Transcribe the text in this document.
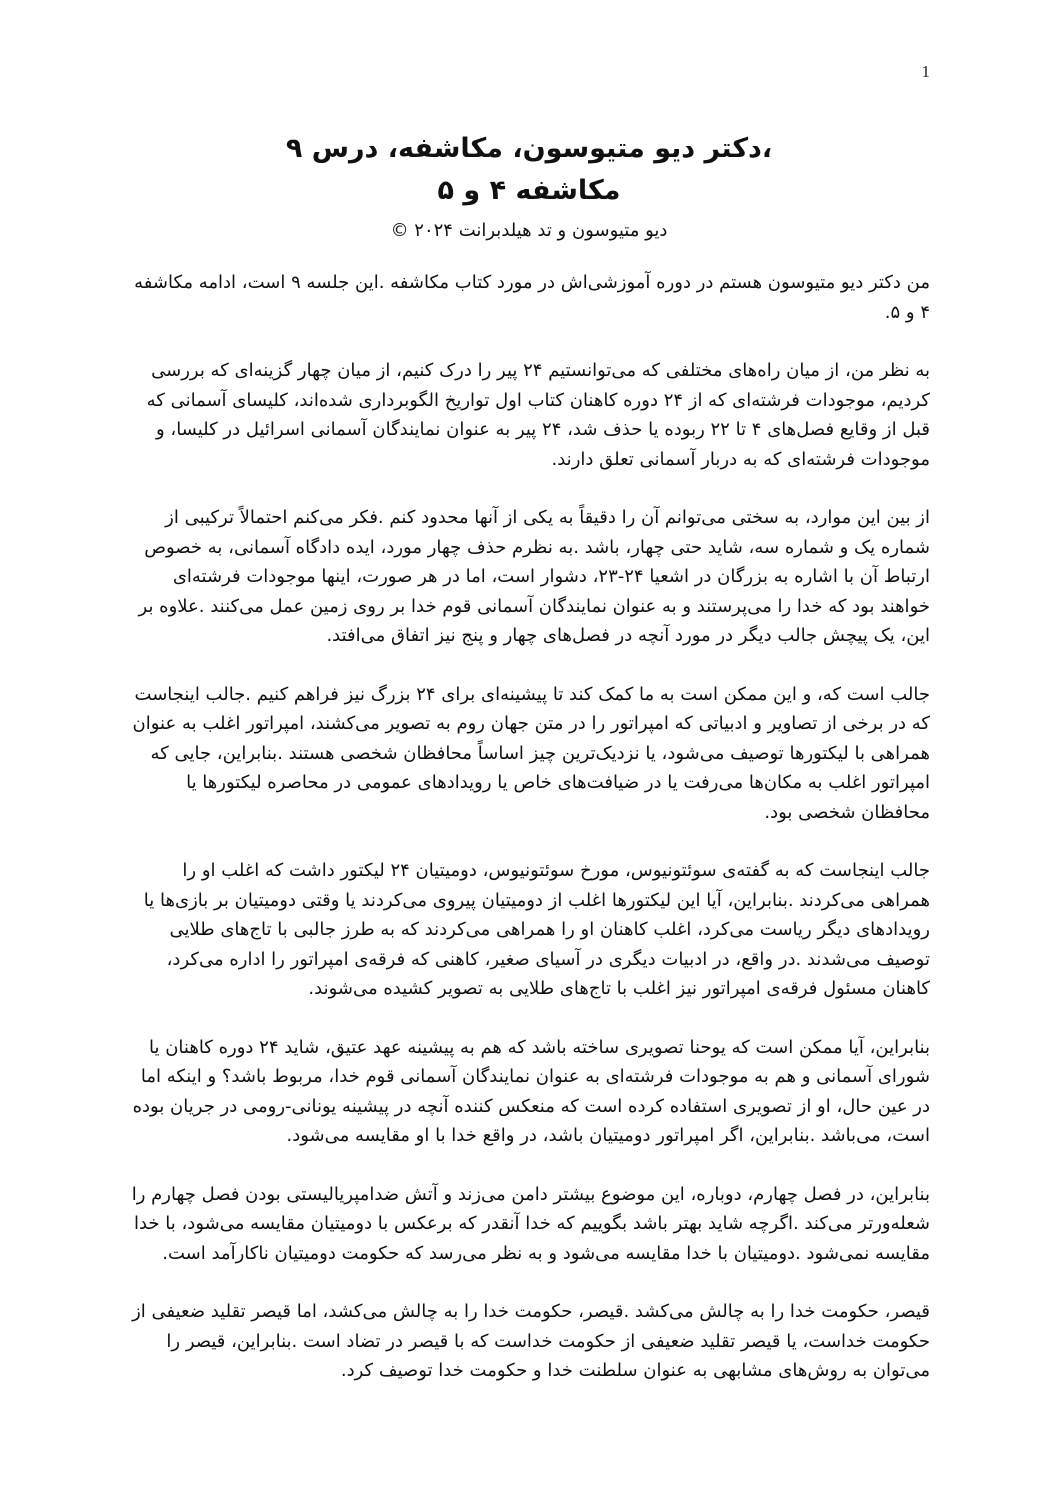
1
،دکتر دیو متیوسون، مکاشفه، درس ۹
مکاشفه ۴ و ۵
دیو متیوسون و تد هیلدبرانت ۲۰۲۴ ©

من دکتر دیو متیوسون هستم در دوره آموزشی‌اش در مورد کتاب مکاشفه .این جلسه ۹ است، ادامه مکاشفه ۴ و ۵.

به نظر من، از میان راه‌های مختلفی که می‌توانستیم ۲۴ پیر را درک کنیم، از میان چهار گزینه‌ای که بررسی کردیم، موجودات فرشته‌ای که از ۲۴ دوره کاهنان کتاب اول تواریخ الگوبرداری شده‌اند، کلیسای آسمانی که قبل از وقایع فصل‌های ۴ تا ۲۲ ربوده یا حذف شد، ۲۴ پیر به عنوان نمایندگان آسمانی اسرائیل در کلیسا، و موجودات فرشته‌ای که به دربار آسمانی تعلق دارند.

از بین این موارد، به سختی می‌توانم آن را دقیقاً به یکی از آنها محدود کنم .فکر می‌کنم احتمالاً ترکیبی از شماره یک و شماره سه، شاید حتی چهار، باشد .به نظرم حذف چهار مورد، ایده دادگاه آسمانی، به خصوص ارتباط آن با اشاره به بزرگان در اشعیا ۲۴-۲۳، دشوار است، اما در هر صورت، اینها موجودات فرشته‌ای خواهند بود که خدا را می‌پرستند و به عنوان نمایندگان آسمانی قوم خدا بر روی زمین عمل می‌کنند .علاوه بر این، یک پیچش جالب دیگر در مورد آنچه در فصل‌های چهار و پنج نیز اتفاق می‌افتد.

جالب است که، و این ممکن است به ما کمک کند تا پیشینه‌ای برای ۲۴ بزرگ نیز فراهم کنیم .جالب اینجاست که در برخی از تصاویر و ادبیاتی که امپراتور را در متن جهان روم به تصویر می‌کشند، امپراتور اغلب به عنوان همراهی با لیکتورها توصیف می‌شود، یا نزدیک‌ترین چیز اساساً محافظان شخصی هستند .بنابراین، جایی که امپراتور اغلب به مکان‌ها می‌رفت یا در ضیافت‌های خاص یا رویدادهای عمومی در محاصره لیکتورها یا محافظان شخصی بود.

جالب اینجاست که به گفته‌ی سوئتونیوس، مورخ سوئتونیوس، دومیتیان ۲۴ لیکتور داشت که اغلب او را همراهی می‌کردند .بنابراین، آیا این لیکتورها اغلب از دومیتیان پیروی می‌کردند یا وقتی دومیتیان بر بازی‌ها یا رویدادهای دیگر ریاست می‌کرد، اغلب کاهنان او را همراهی می‌کردند که به طرز جالبی با تاج‌های طلایی توصیف می‌شدند .در واقع، در ادبیات دیگری در آسیای صغیر، کاهنی که فرقه‌ی امپراتور را اداره می‌کرد، کاهنان مسئول فرقه‌ی امپراتور نیز اغلب با تاج‌های طلایی به تصویر کشیده می‌شوند.

بنابراین، آیا ممکن است که یوحنا تصویری ساخته باشد که هم به پیشینه عهد عتیق، شاید ۲۴ دوره کاهنان یا شورای آسمانی و هم به موجودات فرشته‌ای به عنوان نمایندگان آسمانی قوم خدا، مربوط باشد؟ و اینکه اما در عین حال، او از تصویری استفاده کرده است که منعکس کننده آنچه در پیشینه یونانی-رومی در جریان بوده است، می‌باشد .بنابراین، اگر امپراتور دومیتیان باشد، در واقع خدا با او مقایسه می‌شود.

بنابراین، در فصل چهارم، دوباره، این موضوع بیشتر دامن می‌زند و آتش ضدامپریالیستی بودن فصل چهارم را شعله‌ورتر می‌کند .اگرچه شاید بهتر باشد بگوییم که خدا آنقدر که برعکس با دومیتیان مقایسه می‌شود، با خدا مقایسه نمی‌شود .دومیتیان با خدا مقایسه می‌شود و به نظر می‌رسد که حکومت دومیتیان ناکارآمد است.

قیصر، حکومت خدا را به چالش می‌کشد .قیصر، حکومت خدا را به چالش می‌کشد، اما قیصر تقلید ضعیفی از حکومت خداست، یا قیصر تقلید ضعیفی از حکومت خداست که با قیصر در تضاد است .بنابراین، قیصر را می‌توان به روش‌های مشابهی به عنوان سلطنت خدا و حکومت خدا توصیف کرد.
